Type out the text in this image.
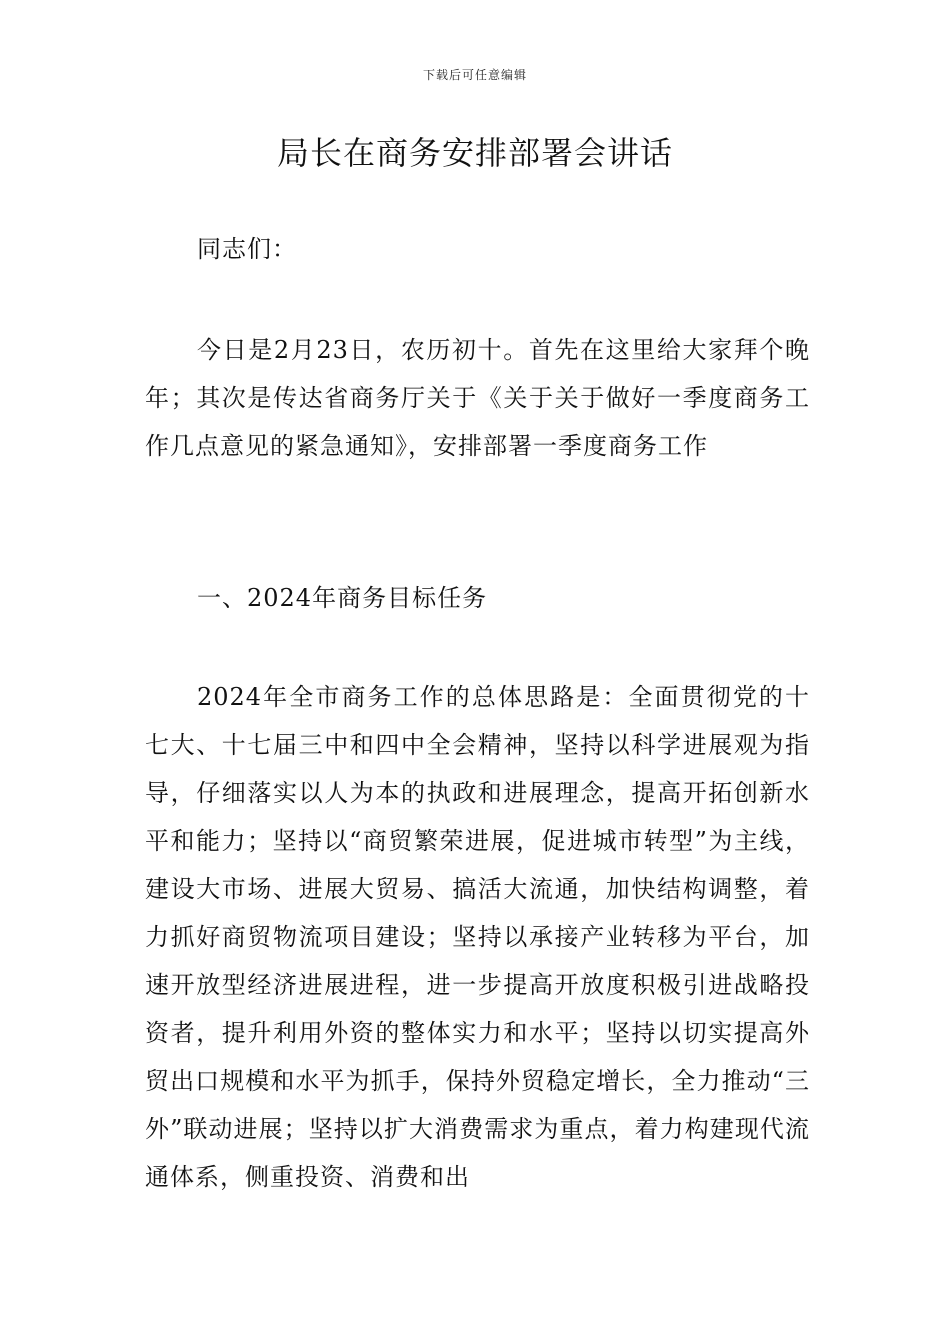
下载后可任意编辑
局长在商务安排部署会讲话
同志们：
今日是2月23日，农历初十。首先在这里给大家拜个晚年；其次是传达省商务厅关于《关于关于做好一季度商务工作几点意见的紧急通知》，安排部署一季度商务工作
一、2024年商务目标任务
2024年全市商务工作的总体思路是：全面贯彻党的十七大、十七届三中和四中全会精神，坚持以科学进展观为指导，仔细落实以人为本的执政和进展理念，提高开拓创新水平和能力；坚持以“商贸繁荣进展，促进城市转型”为主线，建设大市场、进展大贸易、搞活大流通，加快结构调整，着力抓好商贸物流项目建设；坚持以承接产业转移为平台，加速开放型经济进展进程，进一步提高开放度积极引进战略投资者，提升利用外资的整体实力和水平；坚持以切实提高外贸出口规模和水平为抓手，保持外贸稳定增长，全力推动“三外”联动进展；坚持以扩大消费需求为重点，着力构建现代流通体系，侧重投资、消费和出
